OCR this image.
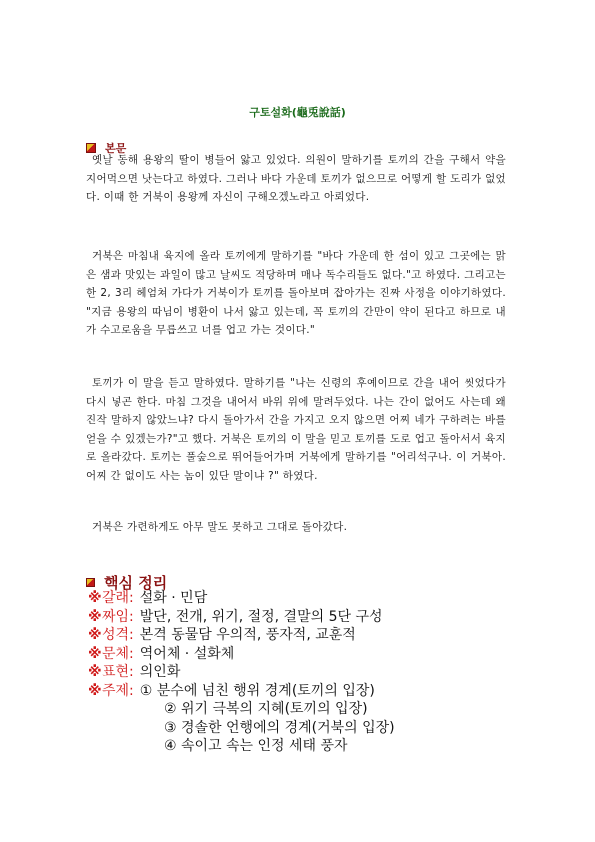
구토설화(龜兎說話)
본문

옛날 동해 용왕의 딸이 병들어 앓고 있었다. 의원이 말하기를 토끼의 간을 구해서 약을 지어먹으면 낫는다고 하였다. 그러나 바다 가운데 토끼가 없으므로 어떻게 할 도리가 없었다. 이때 한 거북이 용왕께 자신이 구해오겠노라고 아뢰었다.

거북은 마침내 육지에 올라 토끼에게 말하기를 "바다 가운데 한 섬이 있고 그곳에는 맑은 샘과 맛있는 과일이 많고 날씨도 적당하며 매나 독수리들도 없다."고 하였다. 그리고는 한 2, 3리 헤엄쳐 가다가 거북이가 토끼를 돌아보며 잡아가는 진짜 사정을 이야기하였다. "지금 용왕의 따님이 병환이 나서 앓고 있는데, 꼭 토끼의 간만이 약이 된다고 하므로 내가 수고로움을 무릅쓰고 너를 업고 가는 것이다."

토끼가 이 말을 듣고 말하였다. 말하기를 "나는 신령의 후예이므로 간을 내어 씻었다가 다시 넣곤 한다. 마침 그것을 내어서 바위 위에 말려두었다. 나는 간이 없어도 사는데 왜 진작 말하지 않았느냐? 다시 돌아가서 간을 가지고 오지 않으면 어찌 네가 구하려는 바를 얻을 수 있겠는가?"고 했다. 거북은 토끼의 이 말을 믿고 토끼를 도로 업고 돌아서서 육지로 올라갔다. 토끼는 풀숲으로 뛰어들어가며 거북에게 말하기를 "어리석구나. 이 거북아. 어찌 간 없이도 사는 놈이 있단 말이냐 ?" 하였다.

거북은 가련하게도 아무 말도 못하고 그대로 돌아갔다.

핵심 정리
※ 갈래: 설화 · 민담
※ 짜임: 발단, 전개, 위기, 절정, 결말의 5단 구성
※ 성격: 본격 동물담 우의적, 풍자적, 교훈적
※ 문체: 역어체 · 설화체
※ 표현: 의인화
※ 주제: ① 분수에 넘친 행위 경계(토끼의 입장)
② 위기 극복의 지혜(토끼의 입장)
③ 경솔한 언행에의 경계(거북의 입장)
④ 속이고 속는 인정 세태 풍자
